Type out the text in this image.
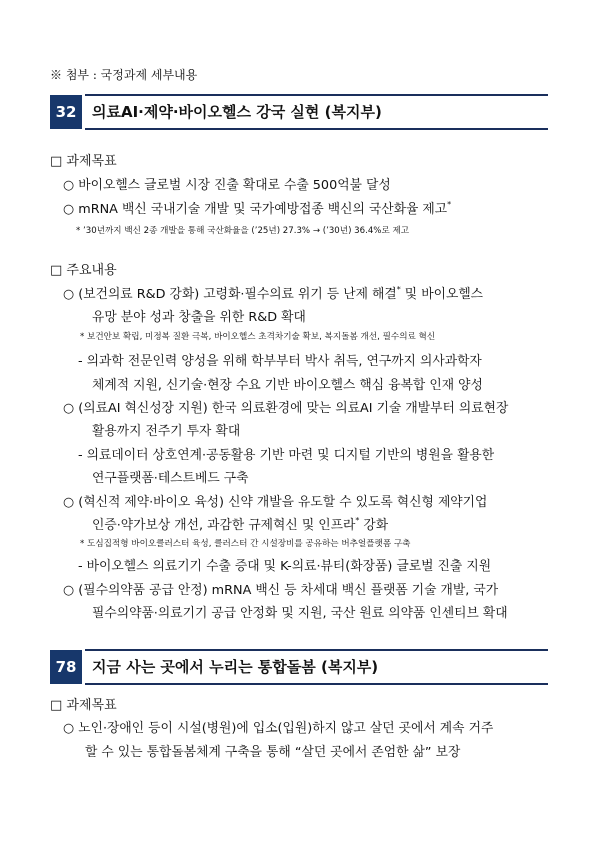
※ 첨부 : 국정과제 세부내용
32	의료AI·제약·바이오헬스 강국 실현 (복지부)
□ 과제목표
○ 바이오헬스 글로벌 시장 진출 확대로 수출 500억불 달성
○ mRNA 백신 국내기술 개발 및 국가예방접종 백신의 국산화율 제고*
* ’30년까지 백신 2종 개발을 통해 국산화율을 (’25년) 27.3% → (’30년) 36.4%로 제고
□ 주요내용
○ (보건의료 R&D 강화) 고령화·필수의료 위기 등 난제 해결* 및 바이오헬스
유망 분야 성과 창출을 위한 R&D 확대
* 보건안보 확립, 미정복 질환 극복, 바이오헬스 초격차기술 확보, 복지돌봄 개선, 필수의료 혁신
- 의과학 전문인력 양성을 위해 학부부터 박사 취득, 연구까지 의사과학자
체계적 지원, 신기술·현장 수요 기반 바이오헬스 핵심 융복합 인재 양성
○ (의료AI 혁신성장 지원) 한국 의료환경에 맞는 의료AI 기술 개발부터 의료현장
활용까지 전주기 투자 확대
- 의료데이터 상호연계·공동활용 기반 마련 및 디지털 기반의 병원을 활용한
연구플랫폼·테스트베드 구축
○ (혁신적 제약·바이오 육성) 신약 개발을 유도할 수 있도록 혁신형 제약기업
인증·약가보상 개선, 과감한 규제혁신 및 인프라* 강화
* 도심집적형 바이오클러스터 육성, 클러스터 간 시설장비를 공유하는 버추얼플랫폼 구축
- 바이오헬스 의료기기 수출 증대 및 K-의료·뷰티(화장품) 글로벌 진출 지원
○ (필수의약품 공급 안정) mRNA 백신 등 차세대 백신 플랫폼 기술 개발, 국가
필수의약품·의료기기 공급 안정화 및 지원, 국산 원료 의약품 인센티브 확대
78	지금 사는 곳에서 누리는 통합돌봄 (복지부)
□ 과제목표
○ 노인·장애인 등이 시설(병원)에 입소(입원)하지 않고 살던 곳에서 계속 거주
할 수 있는 통합돌봄체계 구축을 통해 “살던 곳에서 존엄한 삶” 보장
